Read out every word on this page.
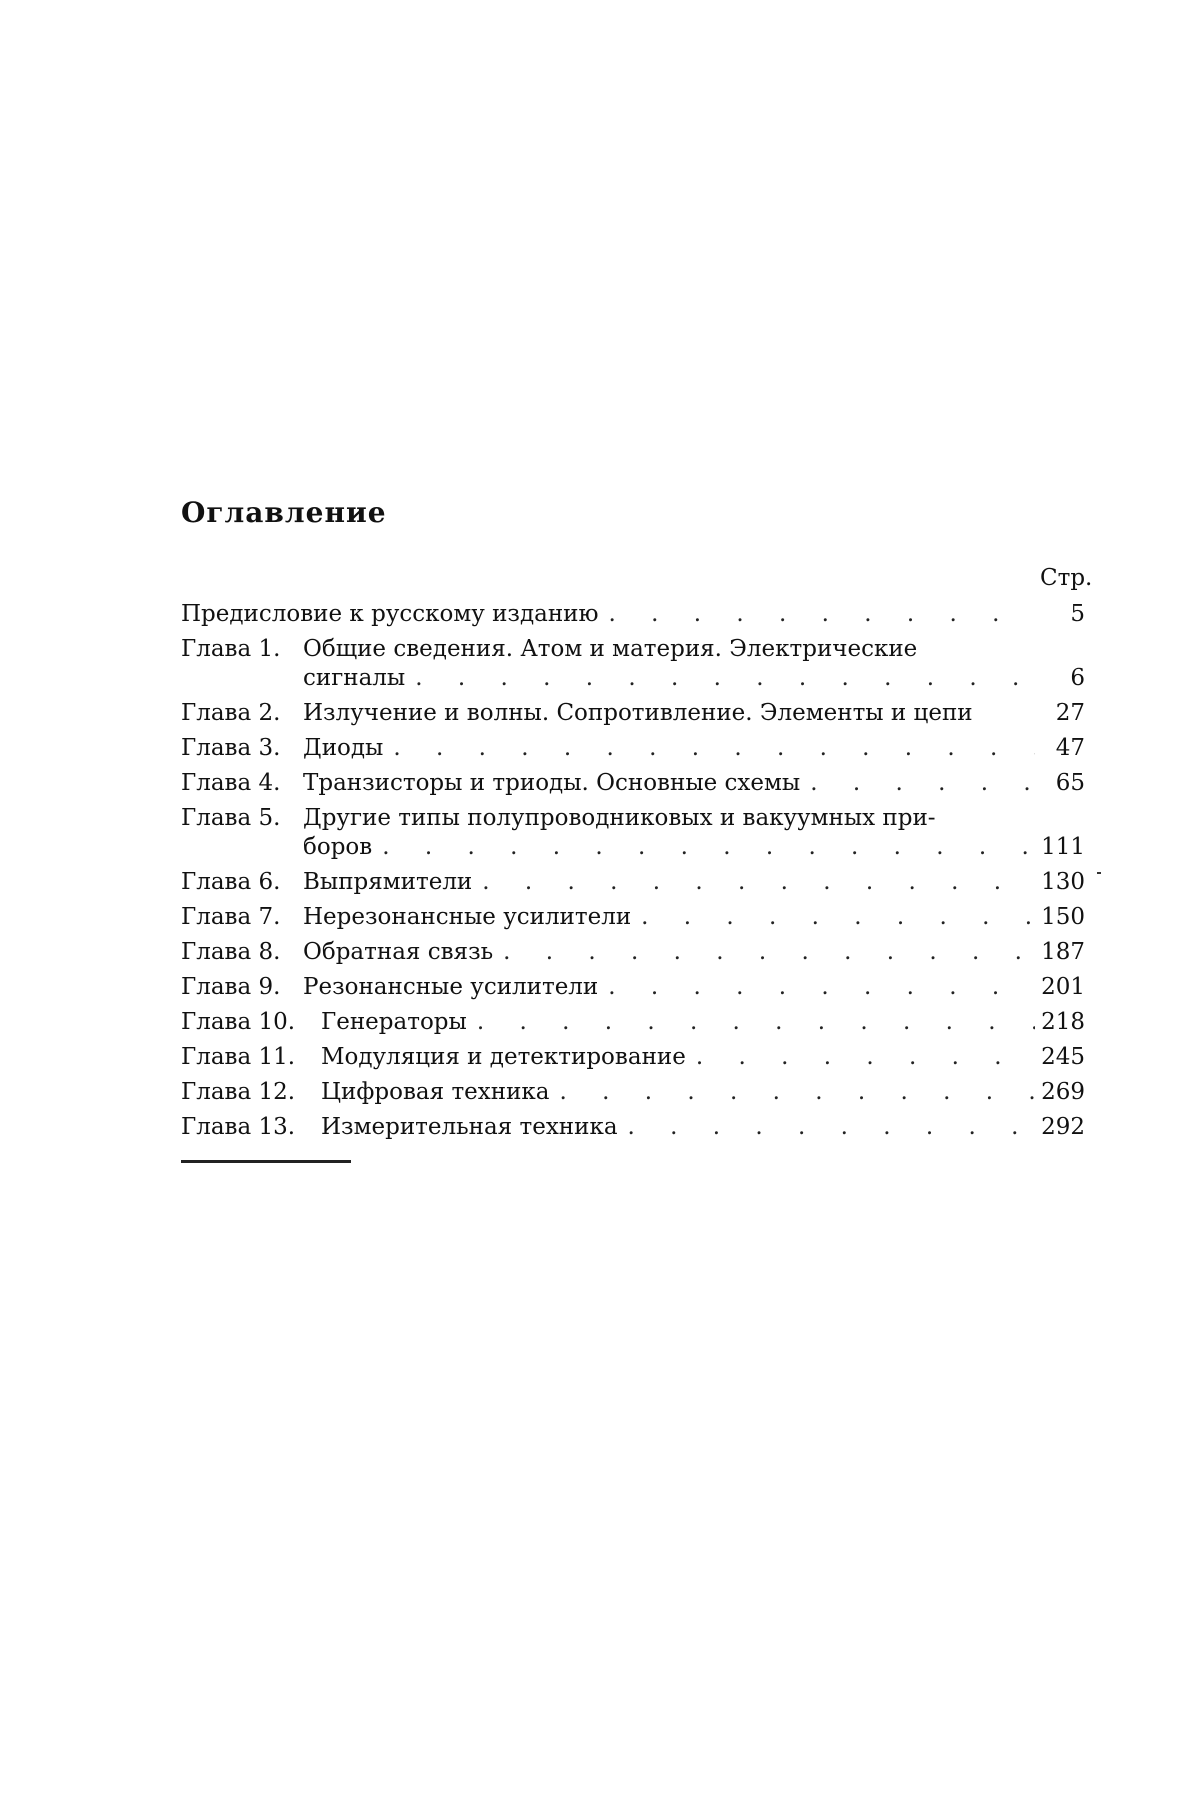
Оглавление
Стр.
Предисловие к русскому изданию . . .	5
Глава 1. Общие сведения. Атом и материя. Электрические
сигналы . . .	6
Глава 2. Излучение и волны. Сопротивление. Элементы и цепи	27
Глава 3. Диоды . . .	47
Глава 4. Транзисторы и триоды. Основные схемы . . .	65
Глава 5. Другие типы полупроводниковых и вакуумных при-
боров . . .	111
Глава 6. Выпрямители . . .	130
Глава 7. Нерезонансные усилители . . .	150
Глава 8. Обратная связь . . .	187
Глава 9. Резонансные усилители . . .	201
Глава 10.	Генераторы . . .	218
Глава 11.	Модуляция и детектирование . . .	245
Глава 12.	Цифровая техника . . .	269
Глава 13.	Измерительная техника . . .	292
